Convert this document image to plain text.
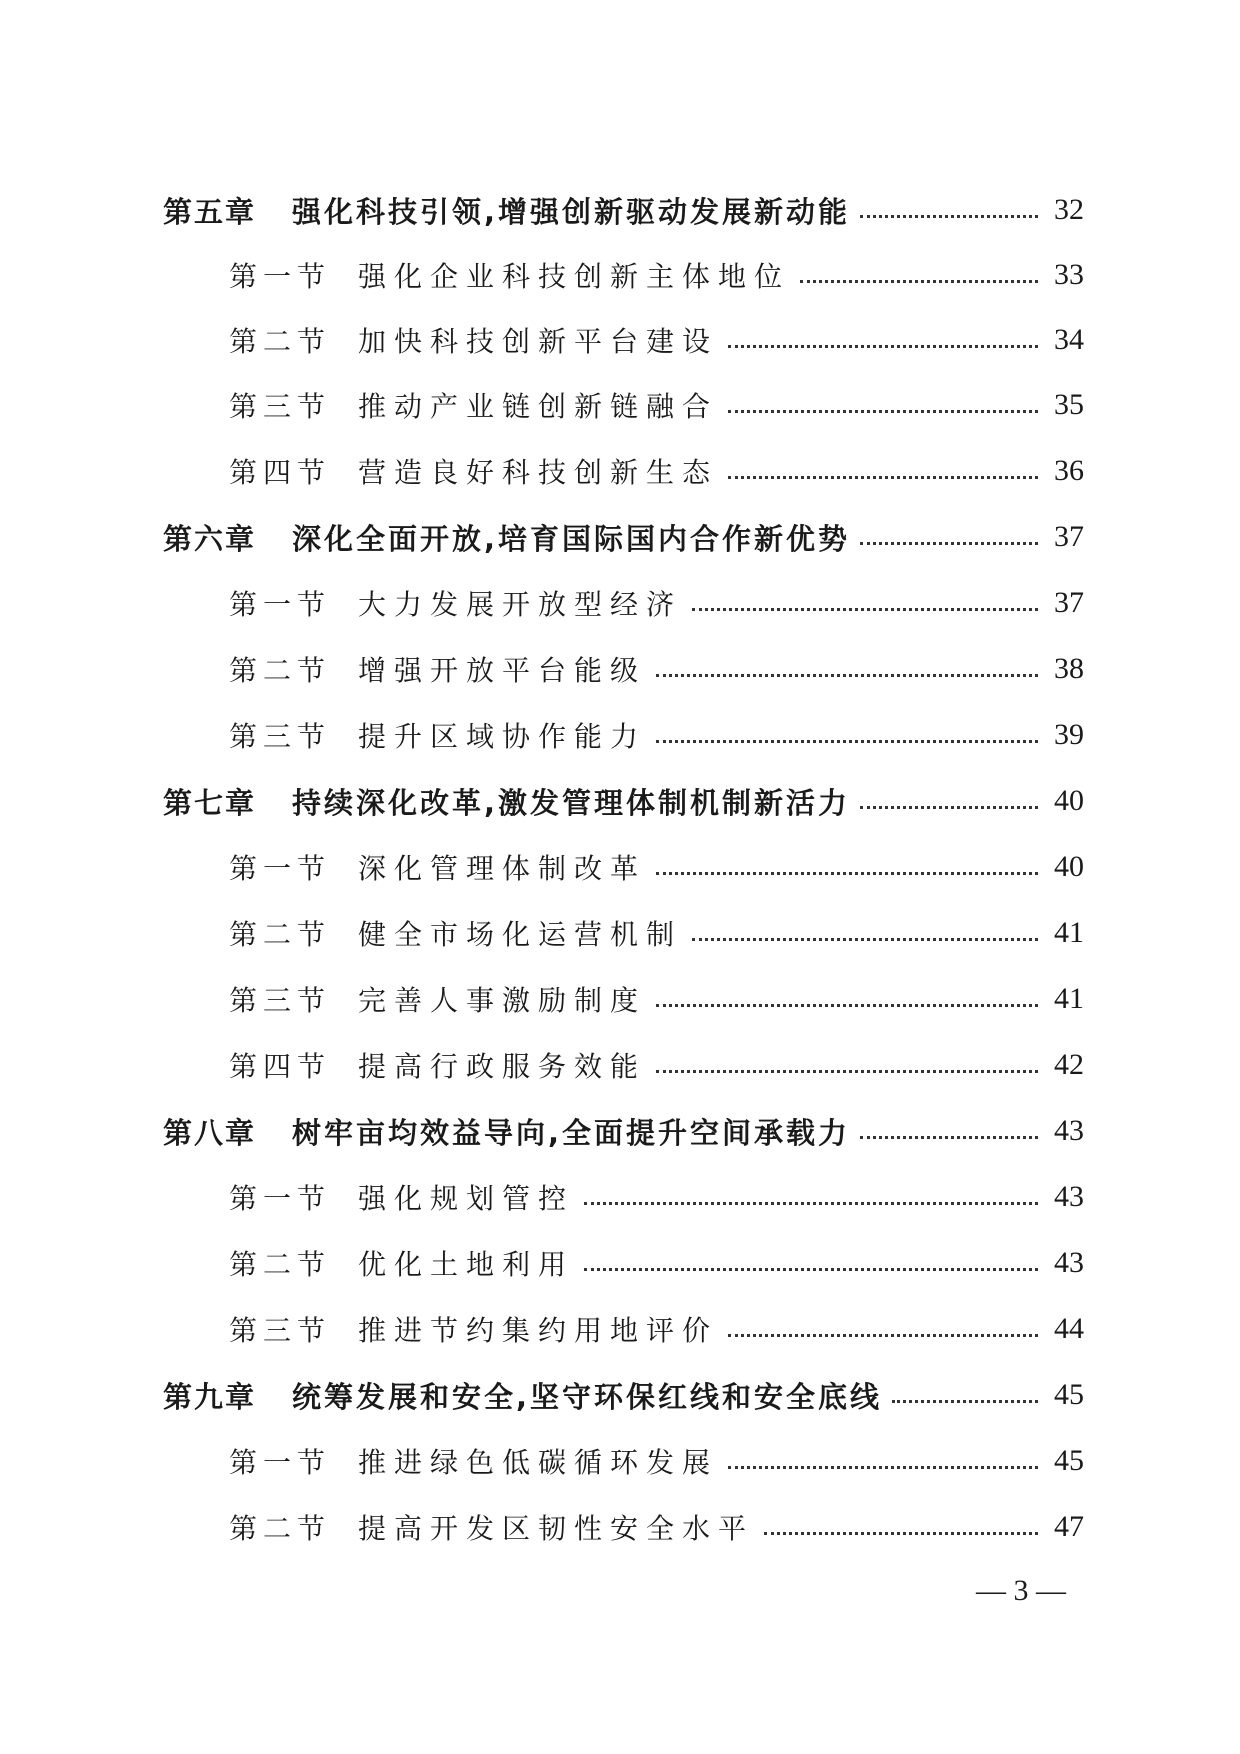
第五章	强化科技引领,增强创新驱动发展新动能	32
第一节 强化企业科技创新主体地位	33
第二节 加快科技创新平台建设	34
第三节 推动产业链创新链融合	35
第四节 营造良好科技创新生态	36
第六章	深化全面开放,培育国际国内合作新优势	37
第一节 大力发展开放型经济	37
第二节 增强开放平台能级	38
第三节 提升区域协作能力	39
第七章	持续深化改革,激发管理体制机制新活力	40
第一节 深化管理体制改革	40
第二节 健全市场化运营机制	41
第三节 完善人事激励制度	41
第四节 提高行政服务效能	42
第八章	树牢亩均效益导向,全面提升空间承载力	43
第一节 强化规划管控	43
第二节 优化土地利用	43
第三节 推进节约集约用地评价	44
第九章	统筹发展和安全,坚守环保红线和安全底线	45
第一节 推进绿色低碳循环发展	45
第二节 提高开发区韧性安全水平	47
— 3 —
